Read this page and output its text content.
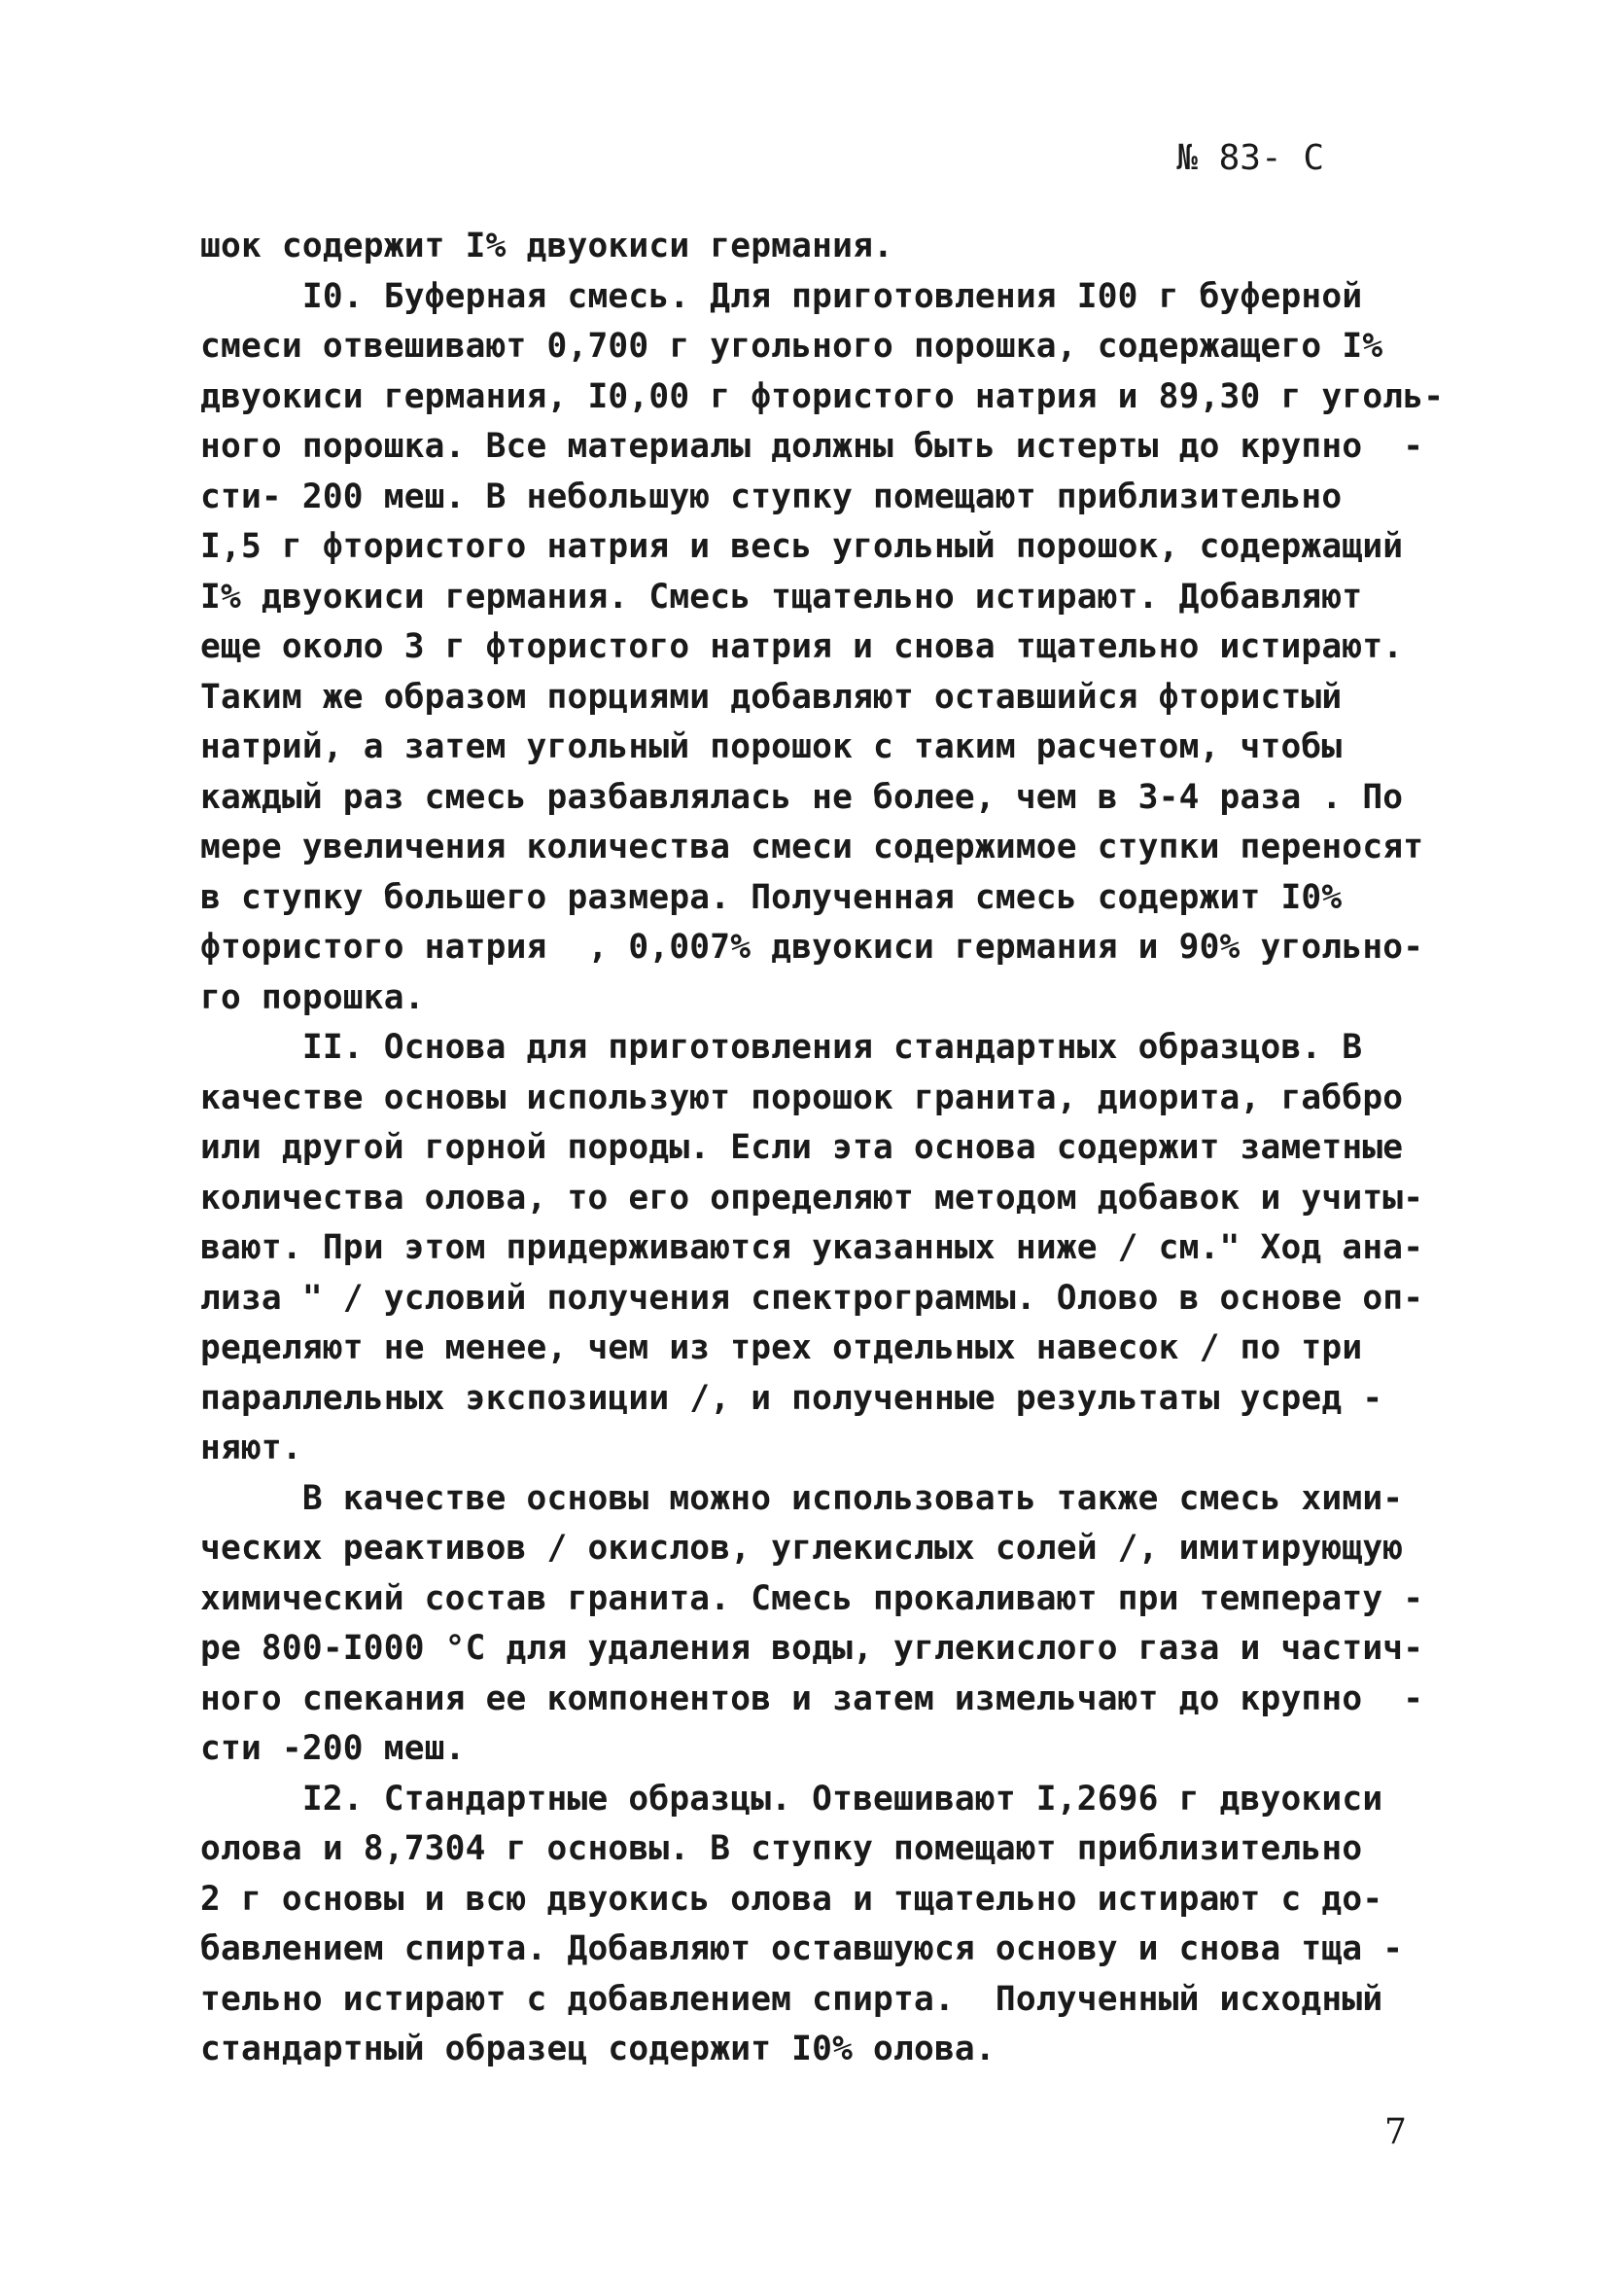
№ 83- С
шок содержит I% двуокиси германия.
I0. Буферная смесь. Для приготовления I00 г буферной
смеси отвешивают 0,700 г угольного порошка, содержащего I%
двуокиси германия, I0,00 г фтористого натрия и 89,30 г уголь-
ного порошка. Все материалы должны быть истерты до крупно  -
сти- 200 меш. В небольшую ступку помещают приблизительно
I,5 г фтористого натрия и весь угольный порошок, содержащий
I% двуокиси германия. Смесь тщательно истирают. Добавляют
еще около 3 г фтористого натрия и снова тщательно истирают.
Таким же образом порциями добавляют оставшийся фтористый
натрий, а затем угольный порошок с таким расчетом, чтобы
каждый раз смесь разбавлялась не более, чем в 3-4 раза . По
мере увеличения количества смеси содержимое ступки переносят
в ступку большего размера. Полученная смесь содержит I0%
фтористого натрия  , 0,007% двуокиси германия и 90% угольно-
го порошка.
II. Основа для приготовления стандартных образцов. В
качестве основы используют порошок гранита, диорита, габбро
или другой горной породы. Если эта основа содержит заметные
количества олова, то его определяют методом добавок и учиты-
вают. При этом придерживаются указанных ниже / см." Ход ана-
лиза " / условий получения спектрограммы. Олово в основе оп-
ределяют не менее, чем из трех отдельных навесок / по три
параллельных экспозиции /, и полученные результаты усред -
няют.
В качестве основы можно использовать также смесь хими-
ческих реактивов / окислов, углекислых солей /, имитирующую
химический состав гранита. Смесь прокаливают при температу -
ре 800-I000 °C для удаления воды, углекислого газа и частич-
ного спекания ее компонентов и затем измельчают до крупно  -
сти -200 меш.
I2. Стандартные образцы. Отвешивают I,2696 г двуокиси
олова и 8,7304 г основы. В ступку помещают приблизительно
2 г основы и всю двуокись олова и тщательно истирают с до-
бавлением спирта. Добавляют оставшуюся основу и снова тща -
тельно истирают с добавлением спирта.  Полученный исходный
стандартный образец содержит I0% олова.
7
